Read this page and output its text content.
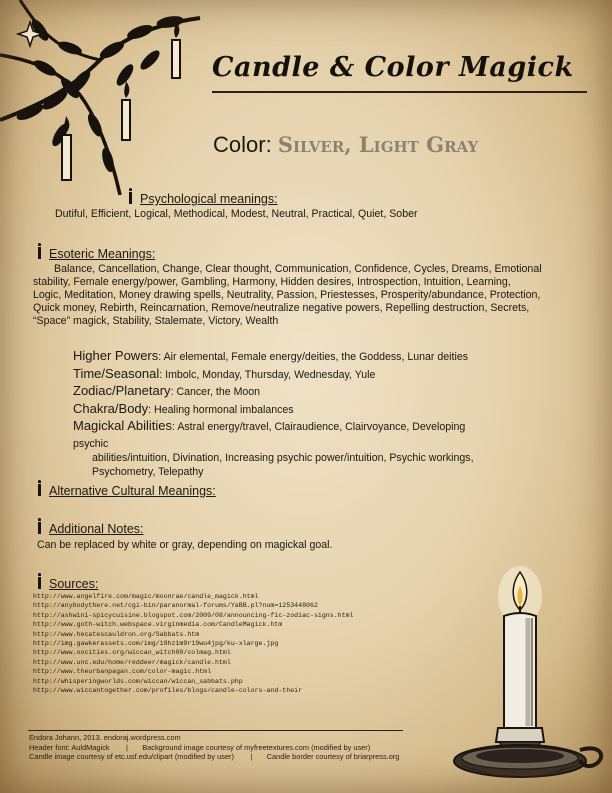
Candle & Color Magick
Color: Silver, Light Gray
Psychological meanings:
Dutiful, Efficient, Logical, Methodical, Modest, Neutral, Practical, Quiet, Sober
Esoteric Meanings:
Balance, Cancellation, Change, Clear thought, Communication, Confidence, Cycles, Dreams, Emotional
stability, Female energy/power, Gambling, Harmony, Hidden desires, Introspection, Intuition, Learning,
Logic, Meditation, Money drawing spells, Neutrality, Passion, Priestesses, Prosperity/abundance, Protection,
Quick money, Rebirth, Reincarnation, Remove/neutralize negative powers, Repelling destruction, Secrets,
“Space” magick, Stability, Stalemate, Victory, Wealth
Higher Powers: Air elemental, Female energy/deities, the Goddess, Lunar deities
Time/Seasonal: Imbolc, Monday, Thursday, Wednesday, Yule
Zodiac/Planetary: Cancer, the Moon
Chakra/Body: Healing hormonal imbalances
Magickal Abilities: Astral energy/travel, Clairaudience, Clairvoyance, Developing psychic
abilities/intuition, Divination, Increasing psychic power/intuition, Psychic workings,
Psychometry, Telepathy
Alternative Cultural Meanings:
Additional Notes:
Can be replaced by white or gray, depending on magickal goal.
Sources:
http://www.angelfire.com/magic/moonrae/candle_magick.html
http://anybodythere.net/cgi-bin/paranormal-forums/YaBB.pl?num=1253448062
http://ashwini-spicycuisine.blogspot.com/2009/08/announcing-fic-zodiac-signs.html
http://www.goth-witch.webspace.virginmedia.com/CandleMagick.htm
http://www.hecatescauldron.org/Sabbats.htm
http://img.gawkerassets.com/img/18hz1m9r19wu4jpg/ku-xlarge.jpg
http://www.oocities.org/wiccan_witch00/colmag.html
http://www.unc.edu/home/reddeer/magick/candle.html
http://www.theurbanpagan.com/color-magic.html
http://whisperingworlds.com/wiccan/wiccan_sabbats.php
http://www.wiccantogether.com/profiles/blogs/candle-colors-and-their
Endora Johann, 2013. endoraj.wordpress.com
Header font: AuldMagick        |       Background image courtesy of myfreetextures.com (modified by user)
Candle image courtesy of etc.usf.edu/clipart (modified by user)        |       Candle border courtesy of briarpress.org
